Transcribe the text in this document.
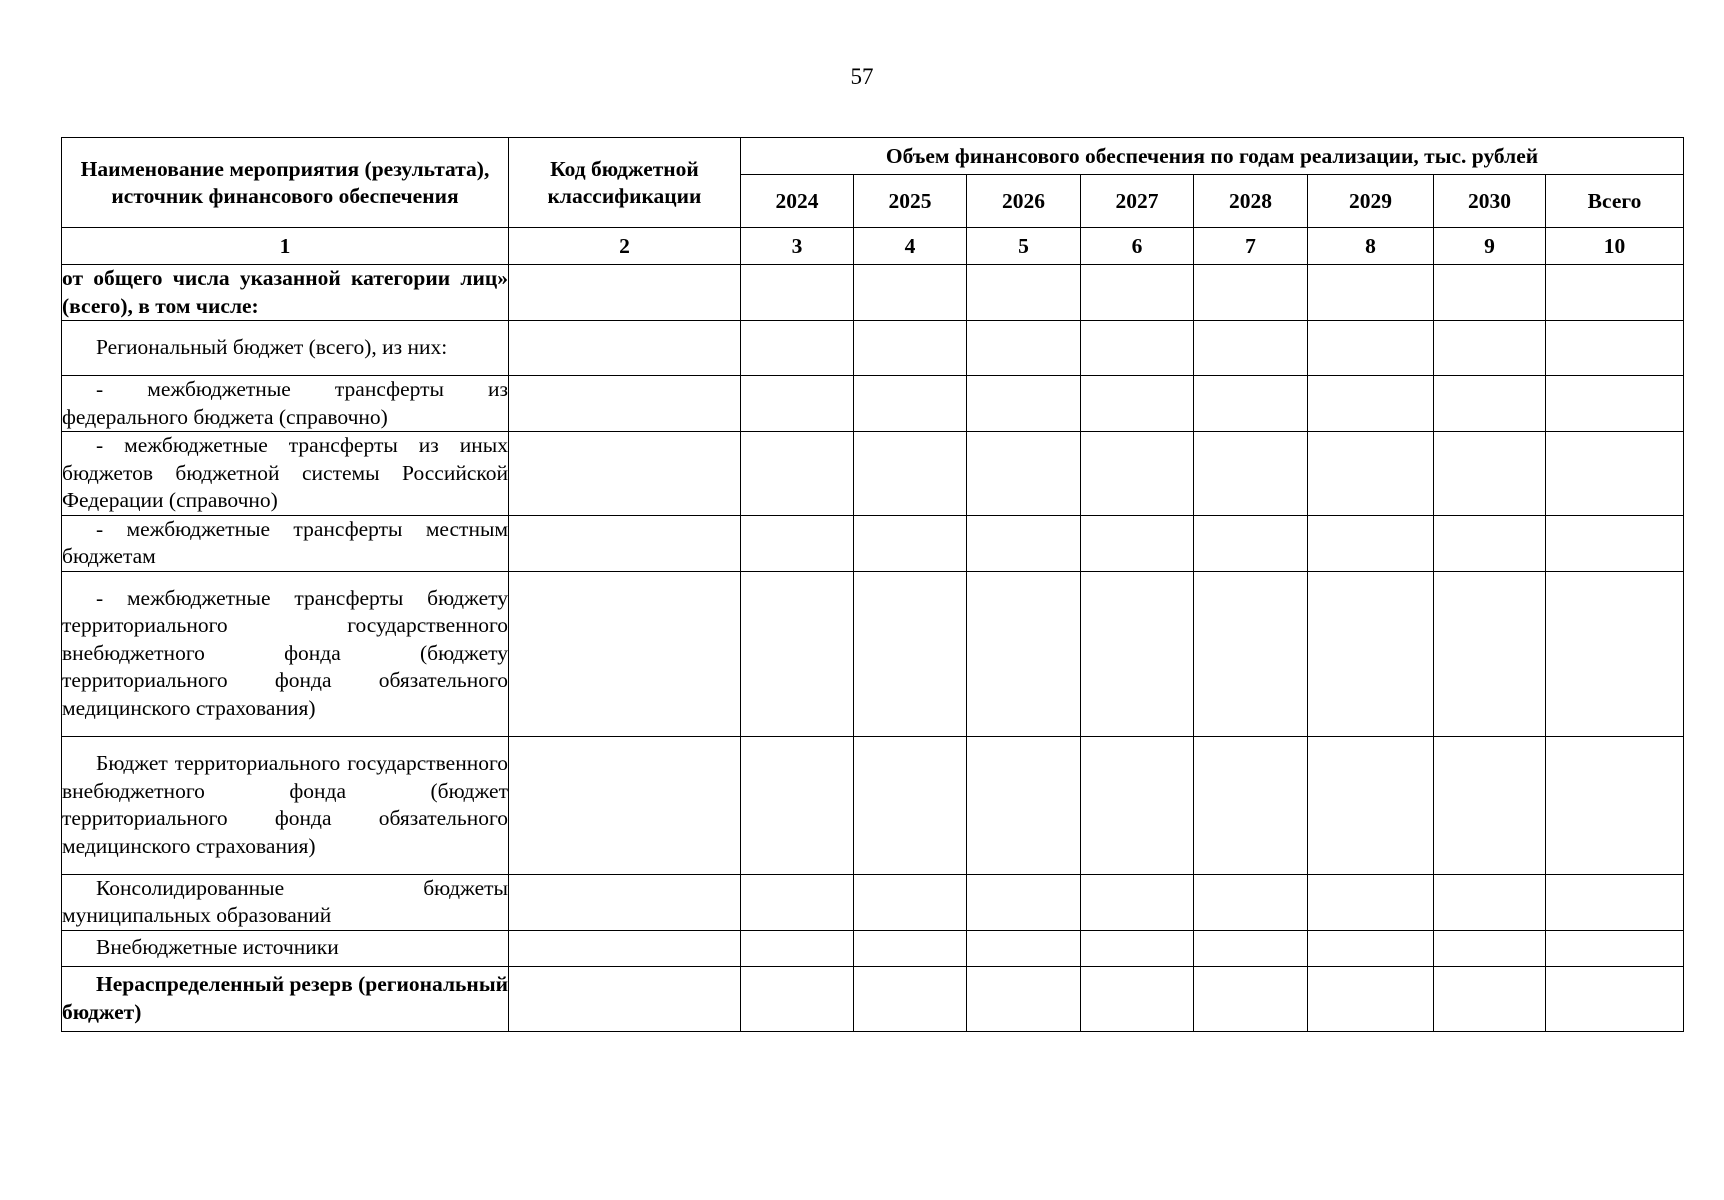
57
Наименование мероприятия (результата), источник финансового обеспечения	Код бюджетной классификации	Объем финансового обеспечения по годам реализации, тыс. рублей							
		2024	2025	2026	2027	2028	2029	2030	Всего
1	2	3	4	5	6	7	8	9	10

от общего числа указанной категории лиц» (всего), в том числе:									

Региональный бюджет (всего), из них:									

- межбюджетные трансферты из федерального бюджета (справочно)									

- межбюджетные трансферты из иных бюджетов бюджетной системы Российской Федерации (справочно)									

- межбюджетные трансферты местным бюджетам									

- межбюджетные трансферты бюджету территориального государственного внебюджетного фонда (бюджету территориального фонда обязательного медицинского страхования)									

Бюджет территориального государственного внебюджетного фонда (бюджет территориального фонда обязательного медицинского страхования)									

Консолидированные бюджеты муниципальных образований									

Внебюджетные источники									

Нераспределенный резерв (региональный бюджет)									
